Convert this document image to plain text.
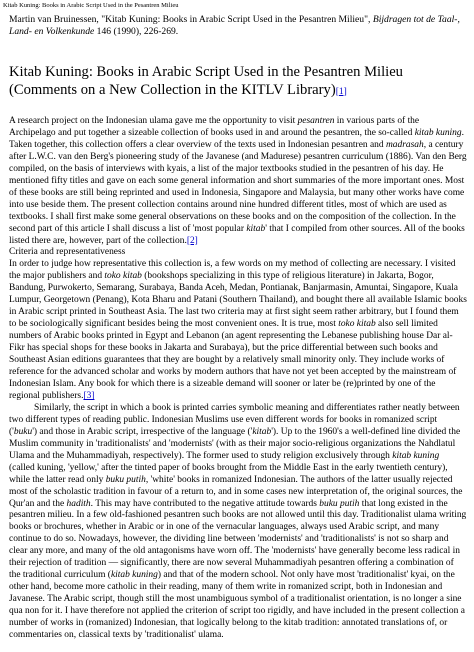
Kitab Kuning: Books in Arabic Script Used in the Pesantren Milieu
Martin van Bruinessen, "Kitab Kuning: Books in Arabic Script Used in the Pesantren Milieu", Bijdragen tot de Taal-, Land- en Volkenkunde 146 (1990), 226-269.
Kitab Kuning: Books in Arabic Script Used in the Pesantren Milieu
(Comments on a New Collection in the KITLV Library)[1]

A research project on the Indonesian ulama gave me the opportunity to visit pesantren in various parts of the Archipelago and put together a sizeable collection of books used in and around the pesantren, the so-called kitab kuning. Taken together, this collection offers a clear overview of the texts used in Indonesian pesantren and madrasah, a century after L.W.C. van den Berg's pioneering study of the Javanese (and Madurese) pesantren curriculum (1886). Van den Berg compiled, on the basis of interviews with kyais, a list of the major textbooks studied in the pesantren of his day. He mentioned fifty titles and gave on each some general information and short summaries of the more important ones. Most of these books are still being reprinted and used in Indonesia, Singapore and Malaysia, but many other works have come into use beside them. The present collection contains around nine hundred different titles, most of which are used as textbooks. I shall first make some general observations on these books and on the composition of the collection. In the second part of this article I shall discuss a list of 'most popular kitab' that I compiled from other sources. All of the books listed there are, however, part of the collection.[2]

Criteria and representativeness

In order to judge how representative this collection is, a few words on my method of collecting are necessary. I visited the major publishers and toko kitab (bookshops specializing in this type of religious literature) in Jakarta, Bogor, Bandung, Purwokerto, Semarang, Surabaya, Banda Aceh, Medan, Pontianak, Banjarmasin, Amuntai, Singapore, Kuala Lumpur, Georgetown (Penang), Kota Bharu and Patani (Southern Thailand), and bought there all available Islamic books in Arabic script printed in Southeast Asia. The last two criteria may at first sight seem rather arbitrary, but I found them to be sociologically significant besides being the most convenient ones. It is true, most toko kitab also sell limited numbers of Arabic books printed in Egypt and Lebanon (an agent representing the Lebanese publishing house Dar al-Fikr has special shops for these books in Jakarta and Surabaya), but the price differential between such books and Southeast Asian editions guarantees that they are bought by a relatively small minority only. They include works of reference for the advanced scholar and works by modern authors that have not yet been accepted by the mainstream of Indonesian Islam. Any book for which there is a sizeable demand will sooner or later be (re)printed by one of the regional publishers.[3]

Similarly, the script in which a book is printed carries symbolic meaning and differentiates rather neatly between two different types of reading public. Indonesian Muslims use even different words for books in romanized script ('buku') and those in Arabic script, irrespective of the language ('kitab'). Up to the 1960's a well-defined line divided the Muslim community in 'traditionalists' and 'modernists' (with as their major socio-religious organizations the Nahdlatul Ulama and the Muhammadiyah, respectively). The former used to study religion exclusively through kitab kuning (called kuning, 'yellow,' after the tinted paper of books brought from the Middle East in the early twentieth century), while the latter read only buku putih, 'white' books in romanized Indonesian. The authors of the latter usually rejected most of the scholastic tradition in favour of a return to, and in some cases new interpretation of, the original sources, the Qur'an and the hadith. This may have contributed to the negative attitude towards buku putih that long existed in the pesantren milieu. In a few old-fashioned pesantren such books are not allowed until this day. Traditionalist ulama writing books or brochures, whether in Arabic or in one of the vernacular languages, always used Arabic script, and many continue to do so. Nowadays, however, the dividing line between 'modernists' and 'traditionalists' is not so sharp and clear any more, and many of the old antagonisms have worn off. The 'modernists' have generally become less radical in their rejection of tradition — significantly, there are now several Muhammadiyah pesantren offering a combination of the traditional curriculum (kitab kuning) and that of the modern school. Not only have most 'traditionalist' kyai, on the other hand, become more catholic in their reading, many of them write in romanized script, both in Indonesian and Javanese. The Arabic script, though still the most unambiguous symbol of a traditionalist orientation, is no longer a sine qua non for it. I have therefore not applied the criterion of script too rigidly, and have included in the present collection a number of works in (romanized) Indonesian, that logically belong to the kitab tradition: annotated translations of, or commentaries on, classical texts by 'traditionalist' ulama.
